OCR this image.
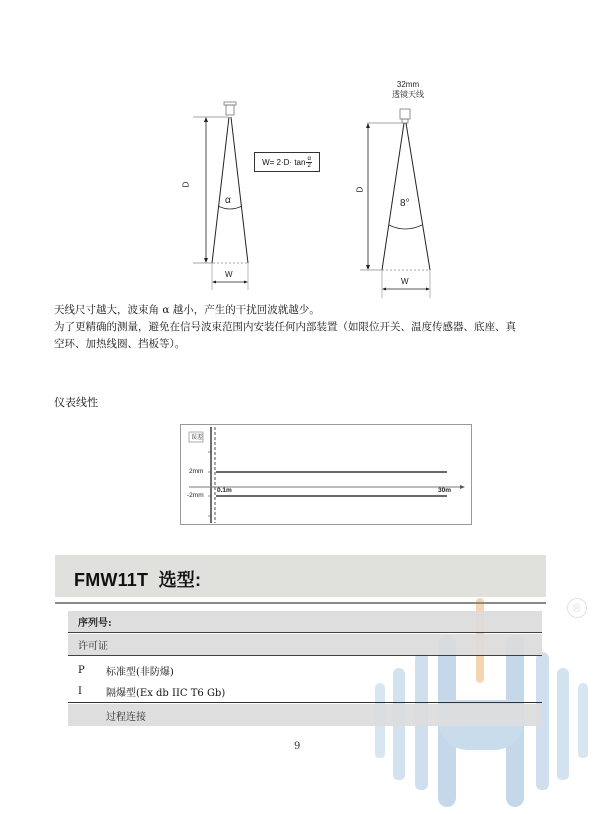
D
α
W
$W= 2\cdot D\cdot \tan \frac{\alpha}{2}$
32mm
透镜天线
D
8°
W
天线尺寸越大，波束角 α 越小，产生的干扰回波就越少。
为了更精确的测量，避免在信号波束范围内安装任何内部装置（如限位开关、温度传感器、底座、真
空环、加热线圈、挡板等）。
仪表线性
误差
2mm
-2mm
0.1m	30m
®
FMW11T  选型:
序列号:
许可证
P	标准型(非防爆)
I	隔爆型(Ex db IIC T6 Gb)
过程连接
9
